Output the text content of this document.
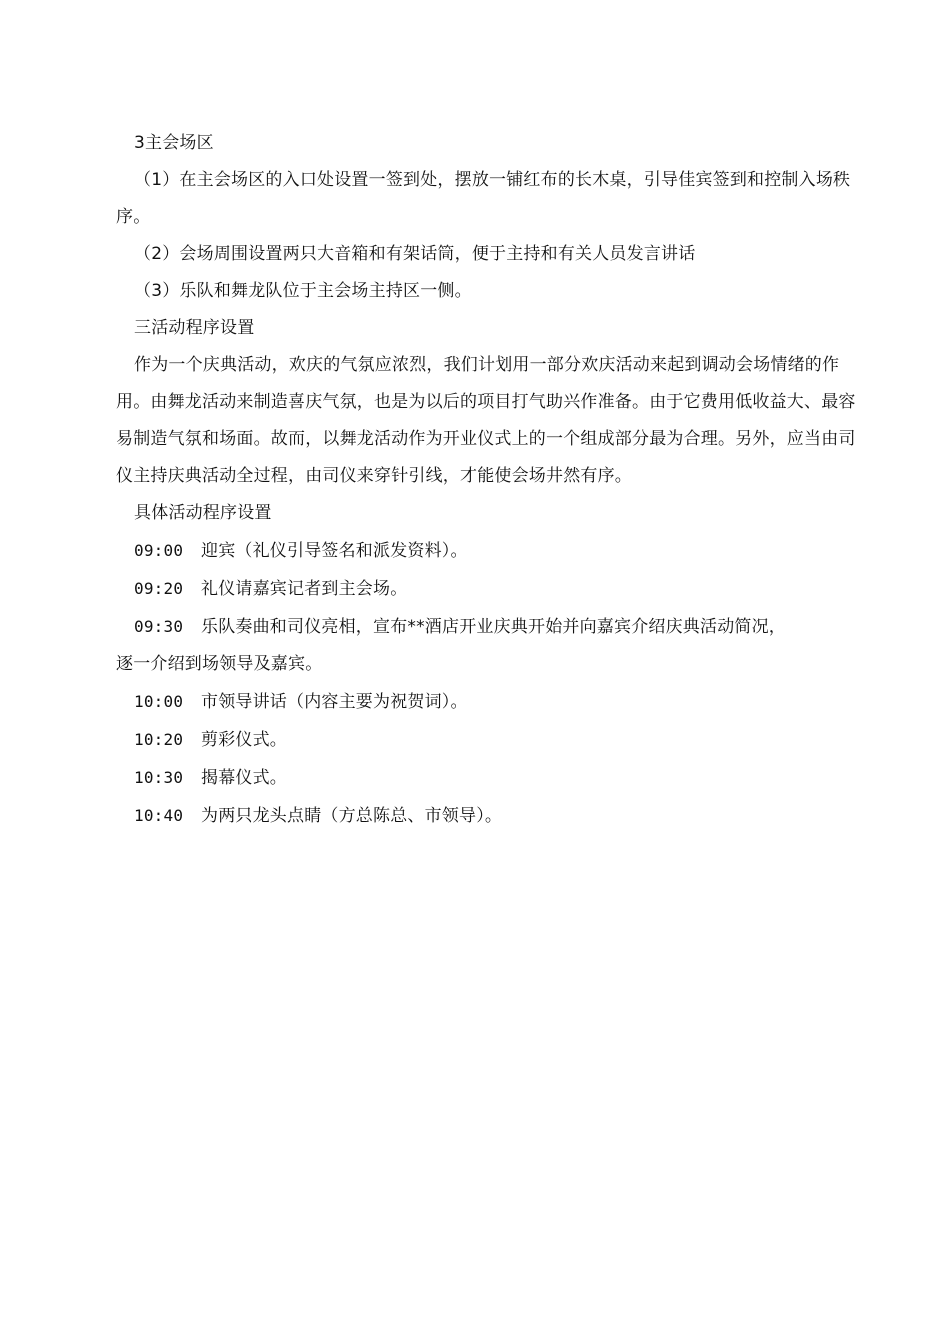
3主会场区

（1）在主会场区的入口处设置一签到处，摆放一铺红布的长木桌，引导佳宾签到和控制入场秩序。

（2）会场周围设置两只大音箱和有架话筒，便于主持和有关人员发言讲话

（3）乐队和舞龙队位于主会场主持区一侧。

三活动程序设置

作为一个庆典活动，欢庆的气氛应浓烈，我们计划用一部分欢庆活动来起到调动会场情绪的作用。由舞龙活动来制造喜庆气氛，也是为以后的项目打气助兴作准备。由于它费用低收益大、最容易制造气氛和场面。故而，以舞龙活动作为开业仪式上的一个组成部分最为合理。另外，应当由司仪主持庆典活动全过程，由司仪来穿针引线，才能使会场井然有序。

具体活动程序设置

09:00 迎宾（礼仪引导签名和派发资料）。

09:20 礼仪请嘉宾记者到主会场。

09:30 乐队奏曲和司仪亮相，宣布**酒店开业庆典开始并向嘉宾介绍庆典活动简况，
逐一介绍到场领导及嘉宾。

10:00 市领导讲话（内容主要为祝贺词）。

10:20 剪彩仪式。

10:30 揭幕仪式。

10:40 为两只龙头点睛（方总陈总、市领导）。
